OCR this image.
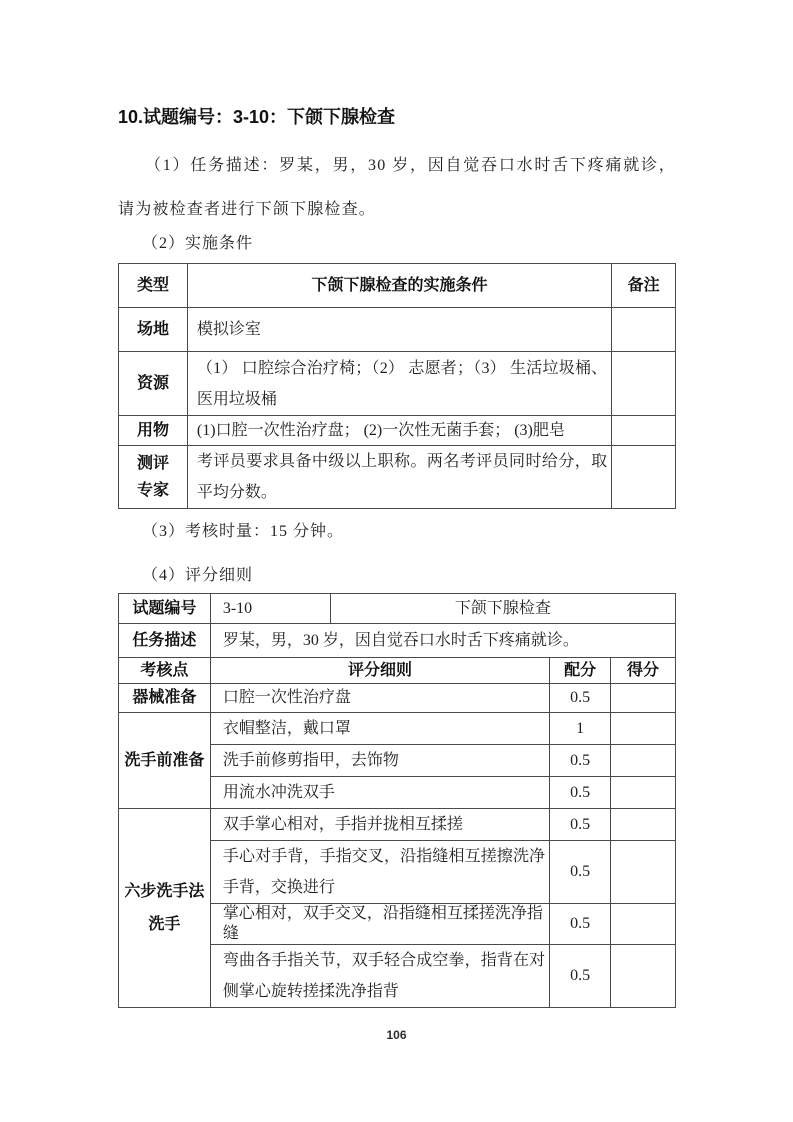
10.试题编号：3-10：下颌下腺检查

（1）任务描述：罗某，男，30 岁，因自觉吞口水时舌下疼痛就诊，请为被检查者进行下颌下腺检查。

（2）实施条件

类型	下颌下腺检查的实施条件	备注
场地	模拟诊室	
资源	（1） 口腔综合治疗椅；（2） 志愿者；（3） 生活垃圾桶、医用垃圾桶	
用物	(1)口腔一次性治疗盘； (2)一次性无菌手套； (3)肥皂	
测评专家	考评员要求具备中级以上职称。两名考评员同时给分，取平均分数。	

（3）考核时量：15 分钟。

（4）评分细则

试题编号	3-10	下颌下腺检查		
任务描述	罗某，男，30 岁，因自觉吞口水时舌下疼痛就诊。			
考核点	评分细则		配分	得分
器械准备	口腔一次性治疗盘		0.5	
洗手前准备	衣帽整洁，戴口罩		1	
	洗手前修剪指甲，去饰物		0.5	
	用流水冲洗双手		0.5	
六步洗手法洗手	双手掌心相对，手指并拢相互揉搓		0.5	
	手心对手背，手指交叉，沿指缝相互搓擦洗净手背，交换进行		0.5	
	掌心相对，双手交叉，沿指缝相互揉搓洗净指缝		0.5	
	弯曲各手指关节，双手轻合成空拳，指背在对侧掌心旋转搓揉洗净指背		0.5	
106
